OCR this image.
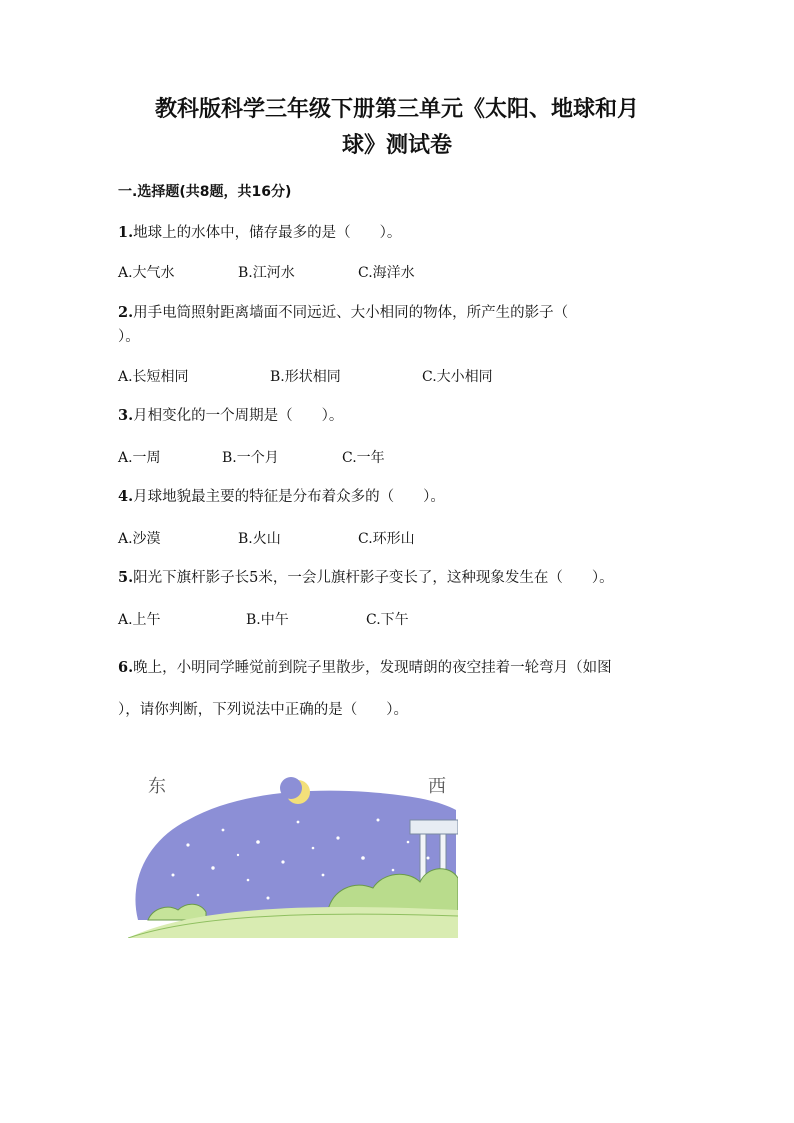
教科版科学三年级下册第三单元《太阳、地球和月
球》测试卷
一.选择题(共8题，共16分)
1.地球上的水体中，储存最多的是（　　）。
A.大气水	B.江河水	C.海洋水
2.用手电筒照射距离墙面不同远近、大小相同的物体，所产生的影子（
）。
A.长短相同	B.形状相同	C.大小相同
3.月相变化的一个周期是（　　）。
A.一周	B.一个月	C.一年
4.月球地貌最主要的特征是分布着众多的（　　）。
A.沙漠	B.火山	C.环形山
5.阳光下旗杆影子长5米，一会儿旗杆影子变长了，这种现象发生在（　　）。
A.上午	B.中午	C.下午
6.晚上，小明同学睡觉前到院子里散步，发现晴朗的夜空挂着一轮弯月（如图
），请你判断，下列说法中正确的是（　　）。
东	西
